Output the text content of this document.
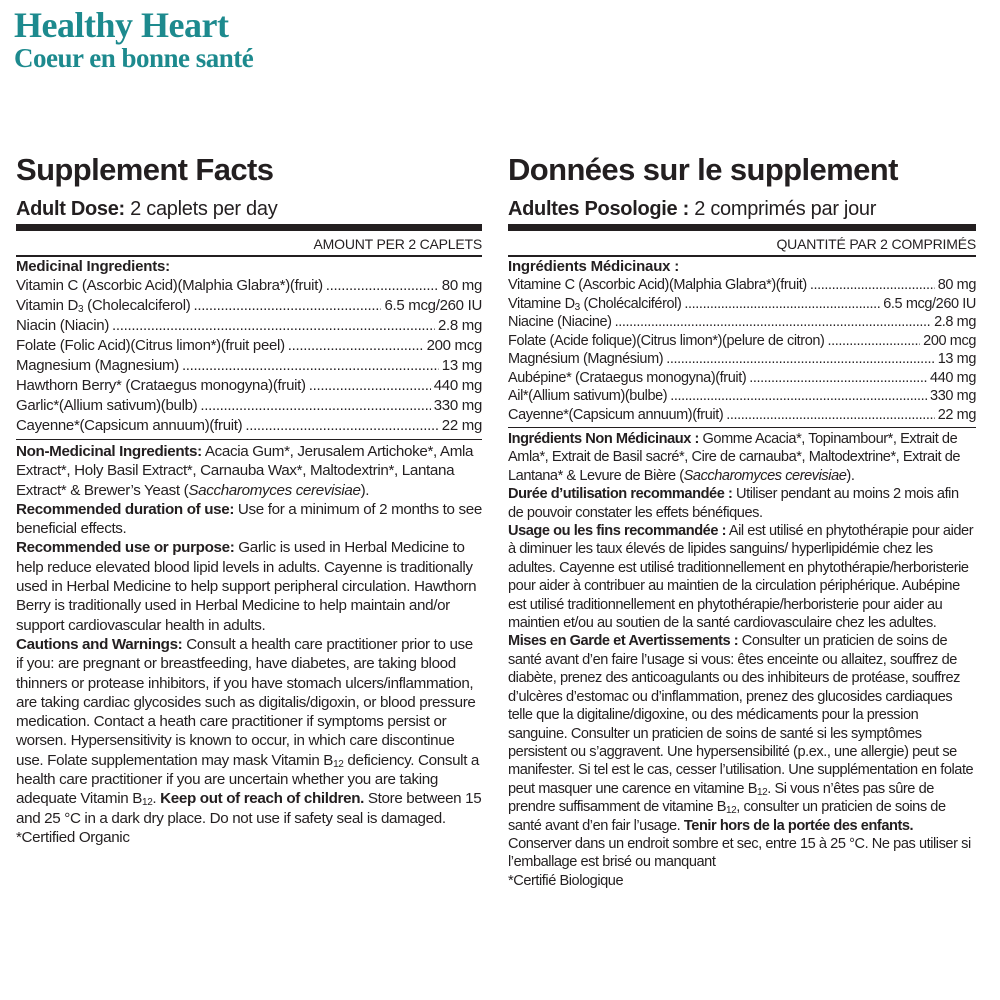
Healthy Heart
Coeur en bonne santé
Supplement Facts
Adult Dose: 2 caplets per day
AMOUNT PER 2 CAPLETS
Medicinal Ingredients:
Vitamin C (Ascorbic Acid)(Malphia Glabra*)(fruit) .....	80 mg
Vitamin $D_3$ (Cholecalciferol) .....	6.5 mcg/260 IU
Niacin (Niacin) .....	2.8 mg
Folate (Folic Acid)(Citrus limon*)(fruit peel) .....	200 mcg
Magnesium (Magnesium) .....	13 mg
Hawthorn Berry* (Crataegus monogyna)(fruit) .....	440 mg
Garlic*(Allium sativum)(bulb) .....	330 mg
Cayenne*(Capsicum annuum)(fruit) .....	22 mg
Non-Medicinal Ingredients: Acacia Gum*, Jerusalem Artichoke*, Amla Extract*, Holy Basil Extract*, Carnauba Wax*, Maltodextrin*, Lantana Extract* & Brewer’s Yeast (Saccharomyces cerevisiae).
Recommended duration of use: Use for a minimum of 2 months to see beneficial effects.
Recommended use or purpose: Garlic is used in Herbal Medicine to help reduce elevated blood lipid levels in adults. Cayenne is traditionally used in Herbal Medicine to help support peripheral circulation. Hawthorn Berry is traditionally used in Herbal Medicine to help maintain and/or support cardiovascular health in adults.
Cautions and Warnings: Consult a health care practitioner prior to use if you: are pregnant or breastfeeding, have diabetes, are taking blood thinners or protease inhibitors, if you have stomach ulcers/inflammation, are taking cardiac glycosides such as digitalis/digoxin, or blood pressure medication. Contact a heath care practitioner if symptoms persist or worsen. Hypersensitivity is known to occur, in which care discontinue use. Folate supplementation may mask Vitamin $B_{12}$ deficiency. Consult a health care practitioner if you are uncertain whether you are taking adequate Vitamin $B_{12}$. Keep out of reach of children. Store between 15 and 25 °C in a dark dry place. Do not use if safety seal is damaged.
*Certified Organic
Données sur le supplement
Adultes Posologie : 2 comprimés par jour
QUANTITÉ PAR 2 COMPRIMÉS
Ingrédients Médicinaux :
Vitamine C (Ascorbic Acid)(Malphia Glabra*)(fruit) .....	80 mg
Vitamine $D_3$ (Cholécalciférol) .....	6.5 mcg/260 IU
Niacine (Niacine) .....	2.8 mg
Folate (Acide folique)(Citrus limon*)(pelure de citron) .....	200 mcg
Magnésium (Magnésium) .....	13 mg
Aubépine* (Crataegus monogyna)(fruit) .....	440 mg
Ail*(Allium sativum)(bulbe) .....	330 mg
Cayenne*(Capsicum annuum)(fruit) .....	22 mg
Ingrédients Non Médicinaux : Gomme Acacia*, Topinambour*, Extrait de Amla*, Extrait de Basil sacré*, Cire de carnauba*, Maltodextrine*, Extrait de Lantana* & Levure de Bière (Saccharomyces cerevisiae).
Durée d’utilisation recommandée : Utiliser pendant au moins 2 mois afin de pouvoir constater les effets bénéfiques.
Usage ou les fins recommandée : Ail est utilisé en phytothérapie pour aider à diminuer les taux élevés de lipides sanguins/ hyperlipidémie chez les adultes. Cayenne est utilisé traditionnellement en phytothérapie/herboristerie pour aider à contribuer au maintien de la circulation périphérique. Aubépine est utilisé traditionnellement en phytothérapie/herboristerie pour aider au maintien et/ou au soutien de la santé cardiovasculaire chez les adultes.
Mises en Garde et Avertissements : Consulter un praticien de soins de santé avant d’en faire l’usage si vous: êtes enceinte ou allaitez, souffrez de diabète, prenez des anticoagulants ou des inhibiteurs de protéase, souffrez d’ulcères d’estomac ou d’inflammation, prenez des glucosides cardiaques telle que la digitaline/digoxine, ou des médicaments pour la pression sanguine. Consulter un praticien de soins de santé si les symptômes persistent ou s’aggravent. Une hypersensibilité (p.ex., une allergie) peut se manifester. Si tel est le cas, cesser l’utilisation. Une supplémentation en folate peut masquer une carence en vitamine $B_{12}$. Si vous n’êtes pas sûre de prendre suffisamment de vitamine $B_{12}$, consulter un praticien de soins de santé avant d’en fair l’usage. Tenir hors de la portée des enfants. Conserver dans un endroit sombre et sec, entre 15 à 25 °C. Ne pas utiliser si l’emballage est brisé ou manquant
*Certifié Biologique
